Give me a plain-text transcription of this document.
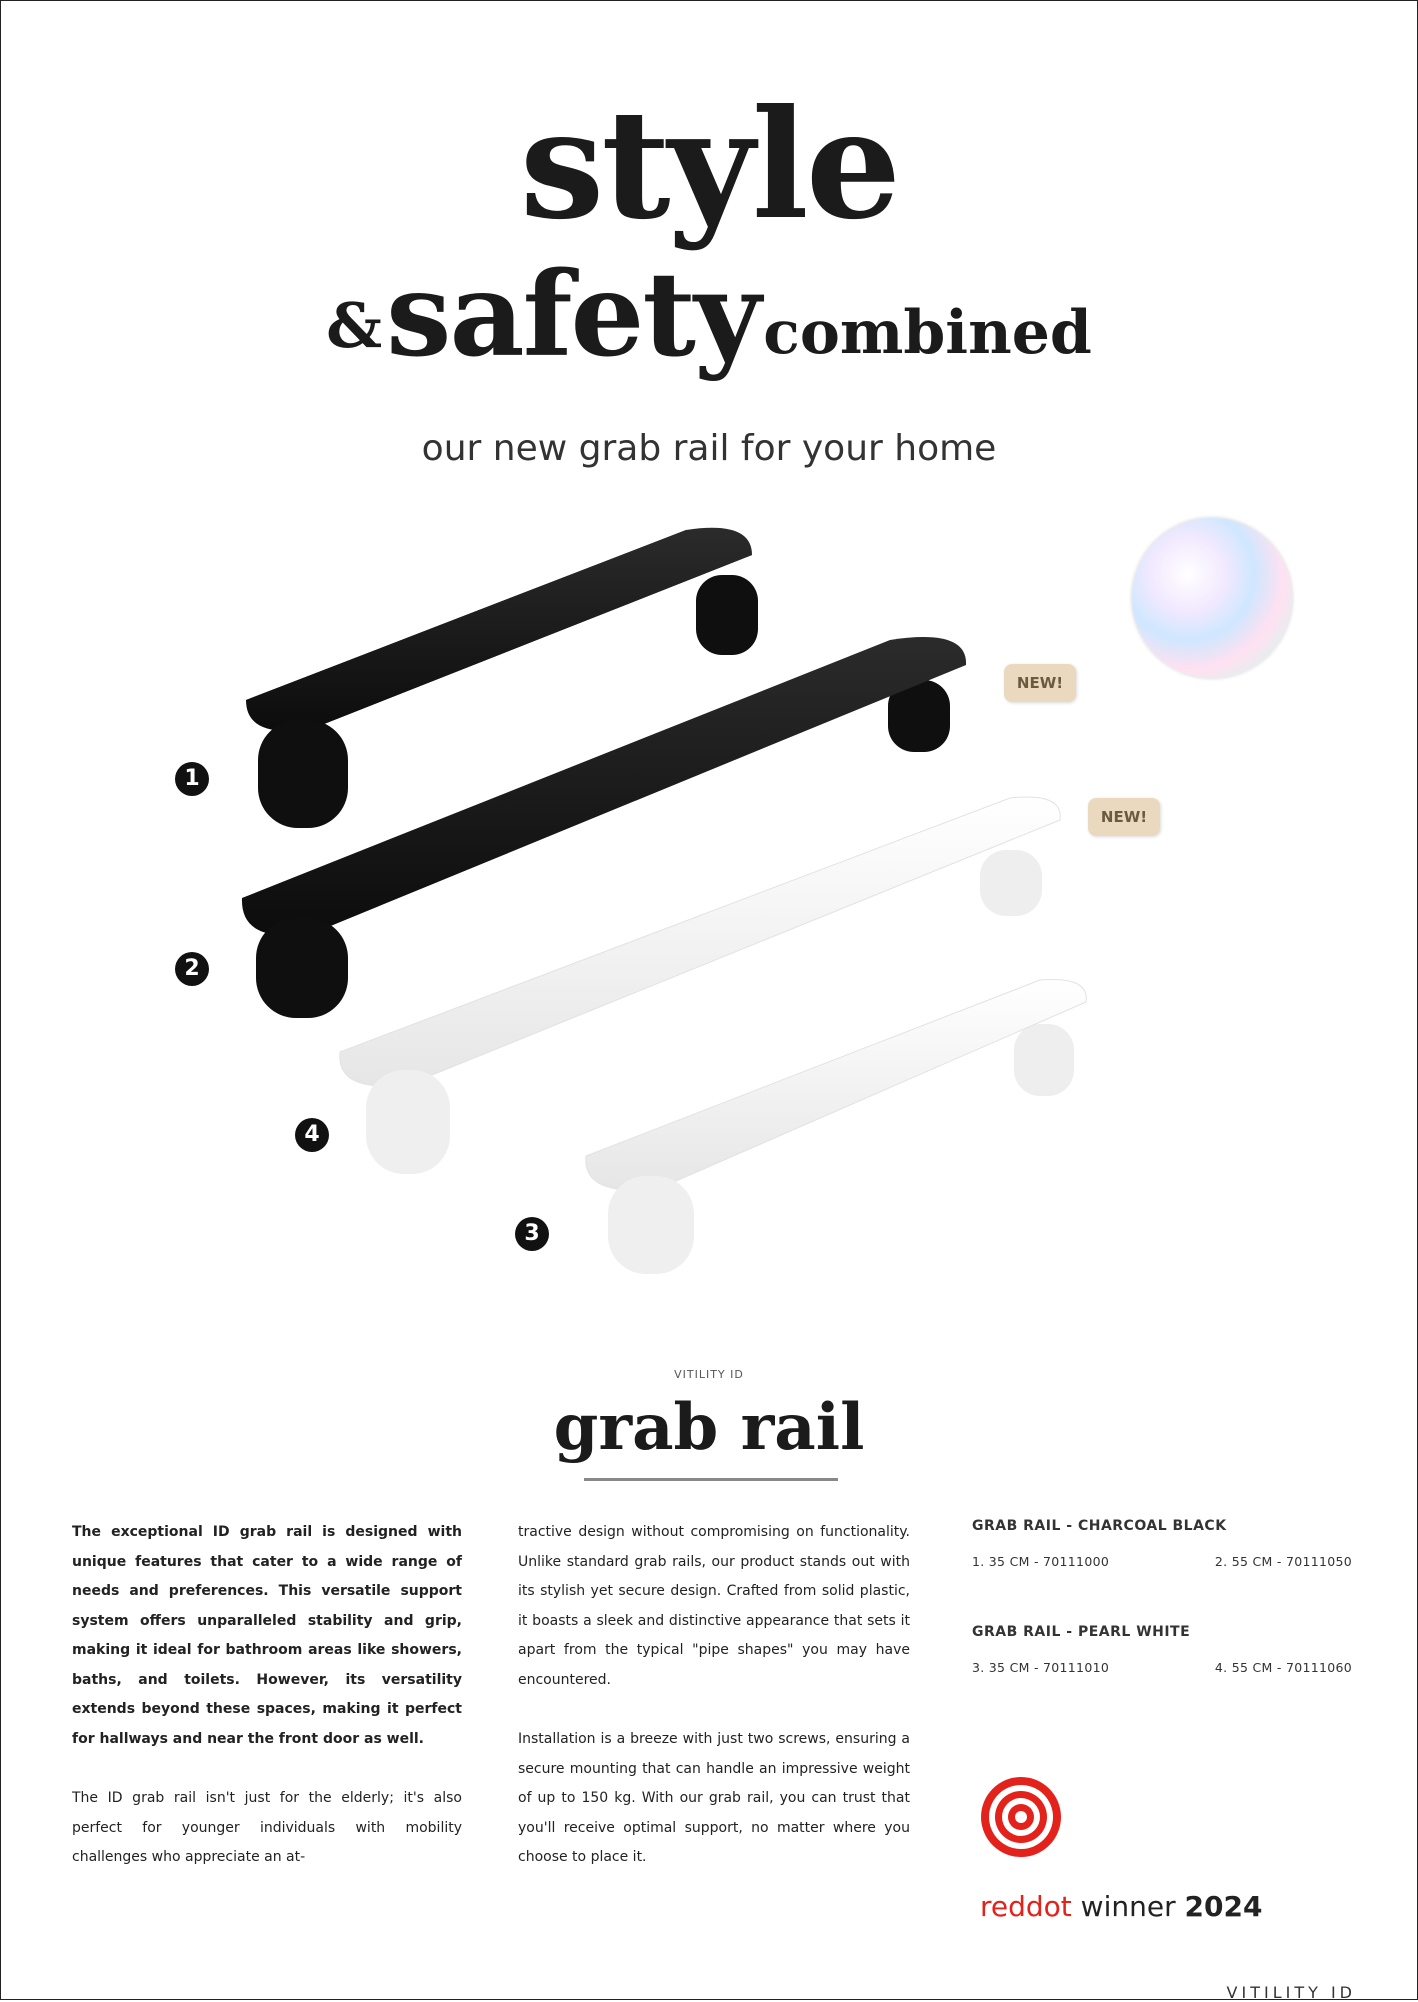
style
&safetycombined
our new grab rail for your home
1
2
4
3
NEW!
NEW!
VITILITY ID
grab rail

The exceptional ID grab rail is designed with unique features that cater to a wide range of needs and preferences. This versatile support system offers unparalleled stability and grip, making it ideal for bathroom areas like showers, baths, and toilets. However, its versatility extends beyond these spaces, making it perfect for hallways and near the front door as well.

The ID grab rail isn't just for the elderly; it's also perfect for younger individuals with mobility challenges who appreciate an at-

tractive design without compromising on functionality. Unlike standard grab rails, our product stands out with its stylish yet secure design. Crafted from solid plastic, it boasts a sleek and distinctive appearance that sets it apart from the typical "pipe shapes" you may have encountered.

Installation is a breeze with just two screws, ensuring a secure mounting that can handle an impressive weight of up to 150 kg. With our grab rail, you can trust that you'll receive optimal support, no matter where you choose to place it.

GRAB RAIL - CHARCOAL BLACK
1. 35 CM - 70111000	2. 55 CM - 70111050
GRAB RAIL - PEARL WHITE
3. 35 CM - 70111010	4. 55 CM - 70111060
reddot winner 2024
VITILITY ID
